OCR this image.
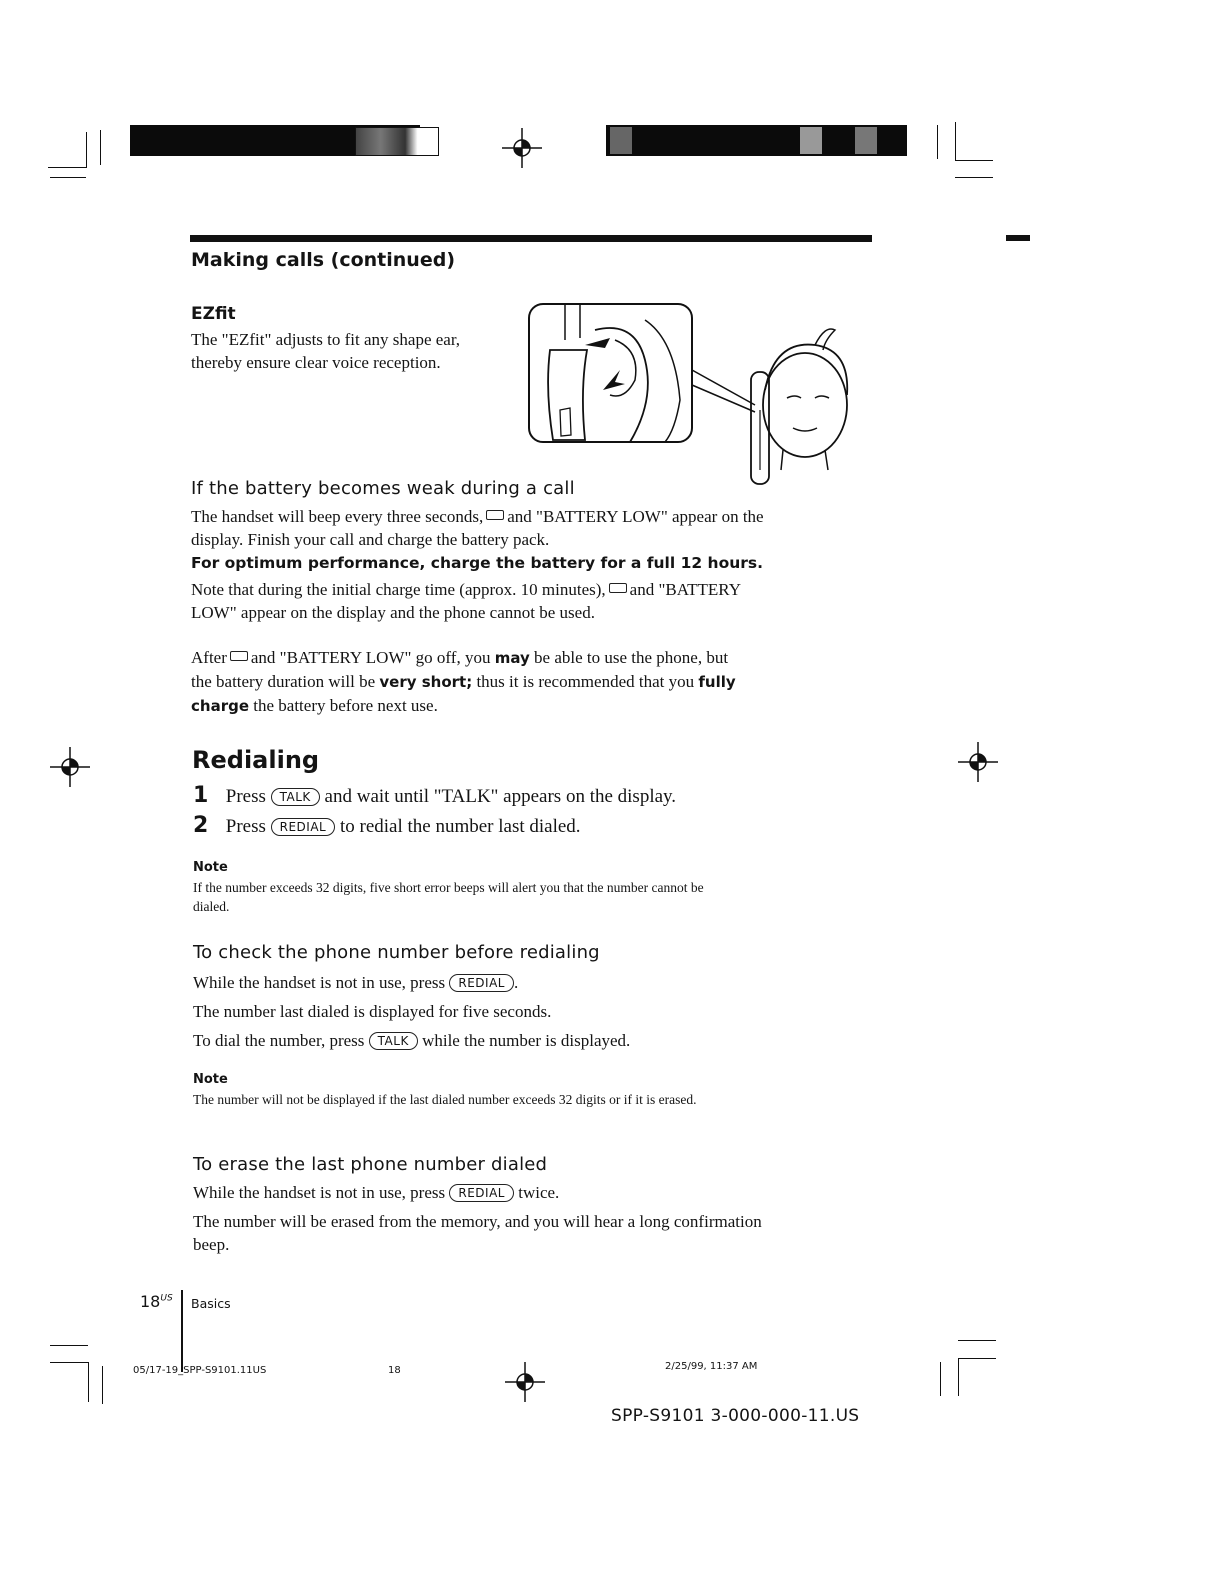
Making calls (continued)
EZfit
The "EZfit" adjusts to fit any shape ear, thereby ensure clear voice reception.
If the battery becomes weak during a call
The handset will beep every three seconds, and "BATTERY LOW" appear on the display. Finish your call and charge the battery pack.
For optimum performance, charge the battery for a full 12 hours.
Note that during the initial charge time (approx. 10 minutes), and "BATTERY LOW" appear on the display and the phone cannot be used.
After and "BATTERY LOW" go off, you may be able to use the phone, but the battery duration will be very short; thus it is recommended that you fully charge the battery before next use.
Redialing
1 Press TALK and wait until "TALK" appears on the display.
2 Press REDIAL to redial the number last dialed.
Note
If the number exceeds 32 digits, five short error beeps will alert you that the number cannot be dialed.
To check the phone number before redialing
While the handset is not in use, press REDIAL .
The number last dialed is displayed for five seconds.
To dial the number, press TALK while the number is displayed.
Note
The number will not be displayed if the last dialed number exceeds 32 digits or if it is erased.
To erase the last phone number dialed
While the handset is not in use, press REDIAL twice.
The number will be erased from the memory, and you will hear a long confirmation beep.
$18^{US}$ Basics
05/17-19_SPP-S9101.11US	18	2/25/99, 11:37 AM
SPP-S9101 3-000-000-11.US
